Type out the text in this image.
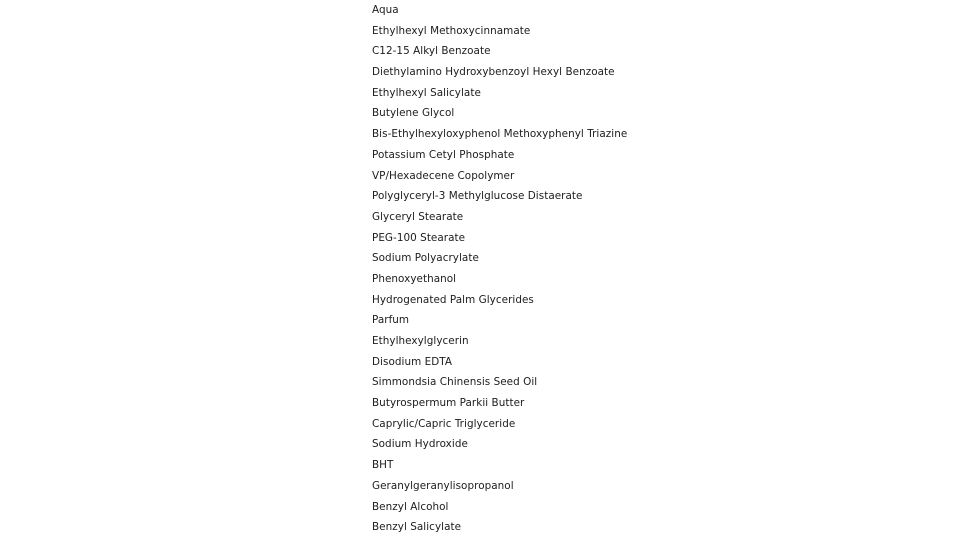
Aqua
Ethylhexyl Methoxycinnamate
C12-15 Alkyl Benzoate
Diethylamino Hydroxybenzoyl Hexyl Benzoate
Ethylhexyl Salicylate
Butylene Glycol
Bis-Ethylhexyloxyphenol Methoxyphenyl Triazine
Potassium Cetyl Phosphate
VP/Hexadecene Copolymer
Polyglyceryl-3 Methylglucose Distaerate
Glyceryl Stearate
PEG-100 Stearate
Sodium Polyacrylate
Phenoxyethanol
Hydrogenated Palm Glycerides
Parfum
Ethylhexylglycerin
Disodium EDTA
Simmondsia Chinensis Seed Oil
Butyrospermum Parkii Butter
Caprylic/Capric Triglyceride
Sodium Hydroxide
BHT
Geranylgeranylisopropanol
Benzyl Alcohol
Benzyl Salicylate
